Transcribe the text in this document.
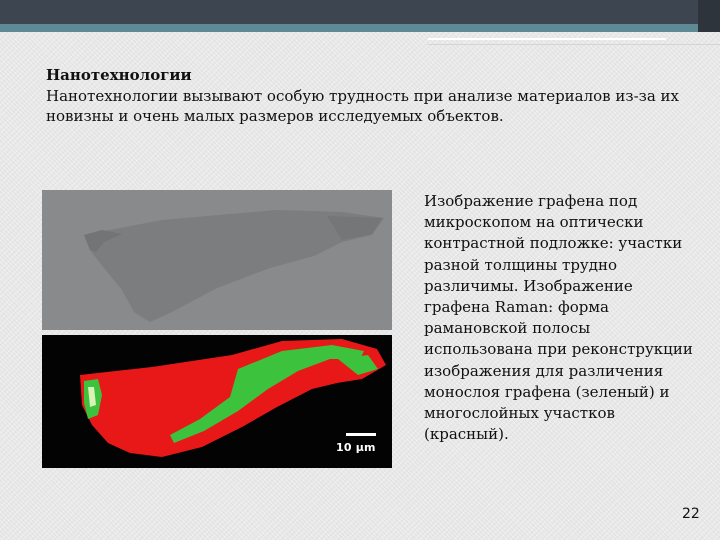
Нанотехнологии
Нанотехнологии вызывают особую трудность при анализе материалов из-за их новизны и очень малых размеров исследуемых объектов.
10 μm
Изображение графена под микроскопом на оптически контрастной подложке: участки разной толщины трудно различимы. Изображение графена Raman: форма рамановской полосы использована при реконструкции изображения для различения монослоя графена (зеленый) и многослойных участков (красный).
22
